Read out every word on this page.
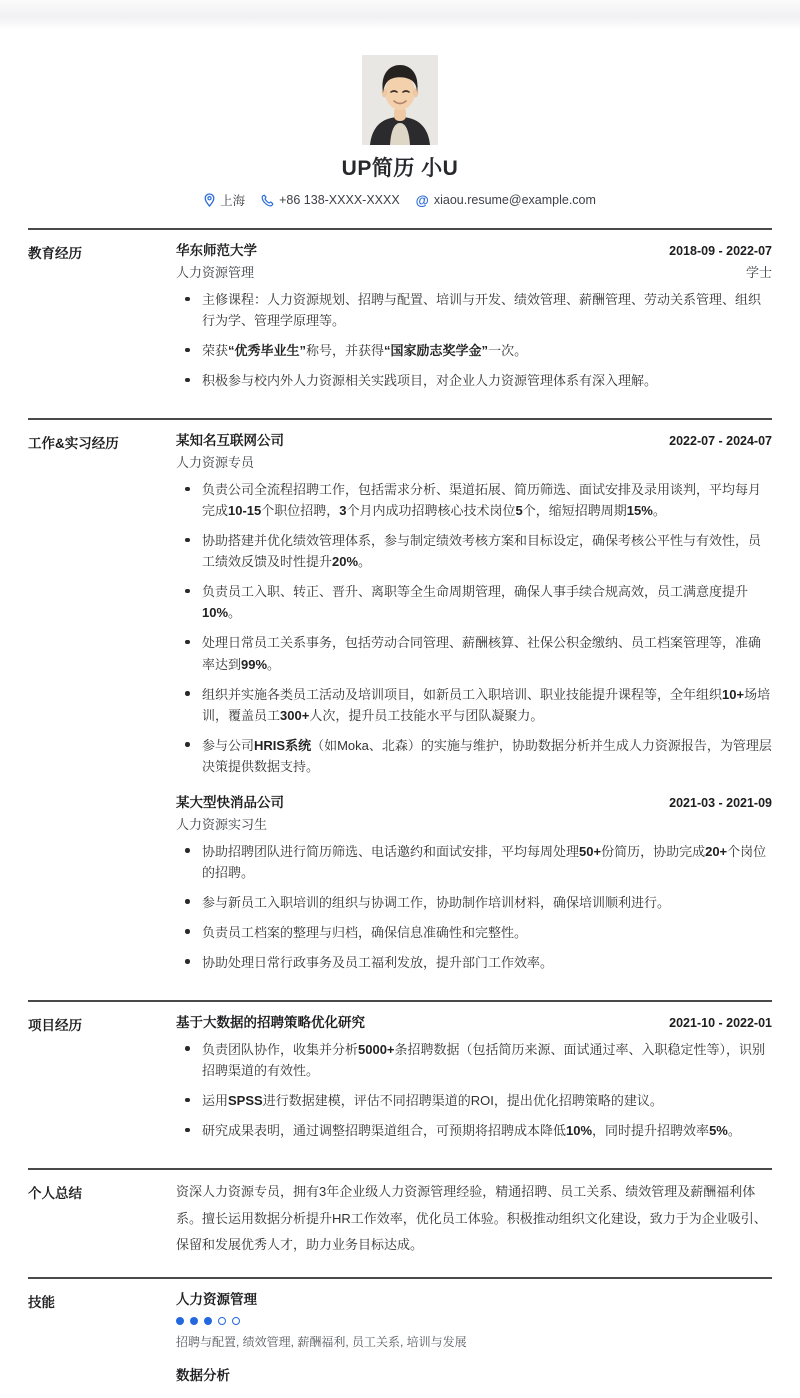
UP简历 小U
上海	+86 138-XXXX-XXXX @ xiaou.resume@example.com
教育经历	华东师范大学	2018-09 - 2022-07
人力资源管理	学士
主修课程：人力资源规划、招聘与配置、培训与开发、绩效管理、薪酬管理、劳动关系管理、组织行为学、管理学原理等。
荣获“优秀毕业生”称号，并获得“国家励志奖学金”一次。
积极参与校内外人力资源相关实践项目，对企业人力资源管理体系有深入理解。
工作&实习经历	某知名互联网公司	2022-07 - 2024-07
人力资源专员
负责公司全流程招聘工作，包括需求分析、渠道拓展、简历筛选、面试安排及录用谈判，平均每月完成10-15个职位招聘，3个月内成功招聘核心技术岗位5个，缩短招聘周期15%。
协助搭建并优化绩效管理体系，参与制定绩效考核方案和目标设定，确保考核公平性与有效性，员工绩效反馈及时性提升20%。
负责员工入职、转正、晋升、离职等全生命周期管理，确保人事手续合规高效，员工满意度提升10%。
处理日常员工关系事务，包括劳动合同管理、薪酬核算、社保公积金缴纳、员工档案管理等，准确率达到99%。
组织并实施各类员工活动及培训项目，如新员工入职培训、职业技能提升课程等，全年组织10+场培训，覆盖员工300+人次，提升员工技能水平与团队凝聚力。
参与公司HRIS系统（如Moka、北森）的实施与维护，协助数据分析并生成人力资源报告，为管理层决策提供数据支持。
某大型快消品公司	2021-03 - 2021-09
人力资源实习生
协助招聘团队进行简历筛选、电话邀约和面试安排，平均每周处理50+份简历，协助完成20+个岗位的招聘。
参与新员工入职培训的组织与协调工作，协助制作培训材料，确保培训顺利进行。
负责员工档案的整理与归档，确保信息准确性和完整性。
协助处理日常行政事务及员工福利发放，提升部门工作效率。
项目经历	基于大数据的招聘策略优化研究	2021-10 - 2022-01
负责团队协作，收集并分析5000+条招聘数据（包括简历来源、面试通过率、入职稳定性等），识别招聘渠道的有效性。
运用SPSS进行数据建模，评估不同招聘渠道的ROI，提出优化招聘策略的建议。
研究成果表明，通过调整招聘渠道组合，可预期将招聘成本降低10%，同时提升招聘效率5%。
个人总结	资深人力资源专员，拥有3年企业级人力资源管理经验，精通招聘、员工关系、绩效管理及薪酬福利体系。擅长运用数据分析提升HR工作效率，优化员工体验。积极推动组织文化建设，致力于为企业吸引、保留和发展优秀人才，助力业务目标达成。
技能	人力资源管理
招聘与配置, 绩效管理, 薪酬福利, 员工关系, 培训与发展
数据分析
